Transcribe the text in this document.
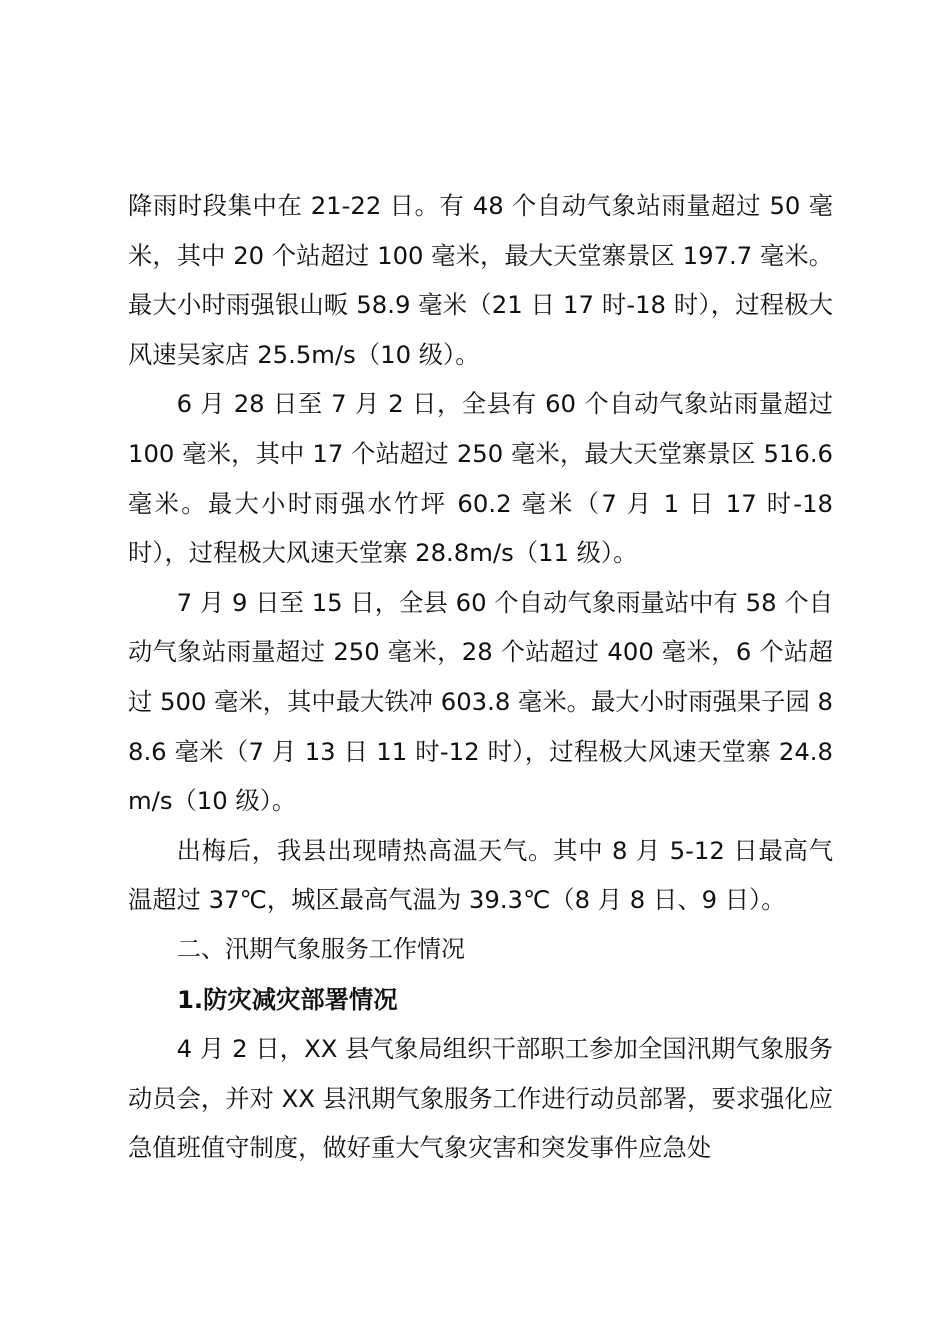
降雨时段集中在 21-22 日。有 48 个自动气象站雨量超过 50 毫米，其中 20 个站超过 100 毫米，最大天堂寨景区 197.7 毫米。最大小时雨强银山畈 58.9 毫米（21 日 17 时-18 时），过程极大风速吴家店 25.5m/s（10 级）。

6 月 28 日至 7 月 2 日，全县有 60 个自动气象站雨量超过 100 毫米，其中 17 个站超过 250 毫米，最大天堂寨景区 516.6 毫米。最大小时雨强水竹坪 60.2 毫米（7 月 1 日 17 时-18 时），过程极大风速天堂寨 28.8m/s（11 级）。

7 月 9 日至 15 日，全县 60 个自动气象雨量站中有 58 个自动气象站雨量超过 250 毫米，28 个站超过 400 毫米，6 个站超过 500 毫米，其中最大铁冲 603.8 毫米。最大小时雨强果子园 88.6 毫米（7 月 13 日 11 时-12 时），过程极大风速天堂寨 24.8m/s（10 级）。

出梅后，我县出现晴热高温天气。其中 8 月 5-12 日最高气温超过 37℃，城区最高气温为 39.3℃（8 月 8 日、9 日）。

二、汛期气象服务工作情况

1.防灾减灾部署情况

4 月 2 日，XX 县气象局组织干部职工参加全国汛期气象服务动员会，并对 XX 县汛期气象服务工作进行动员部署，要求强化应急值班值守制度，做好重大气象灾害和突发事件应急处
